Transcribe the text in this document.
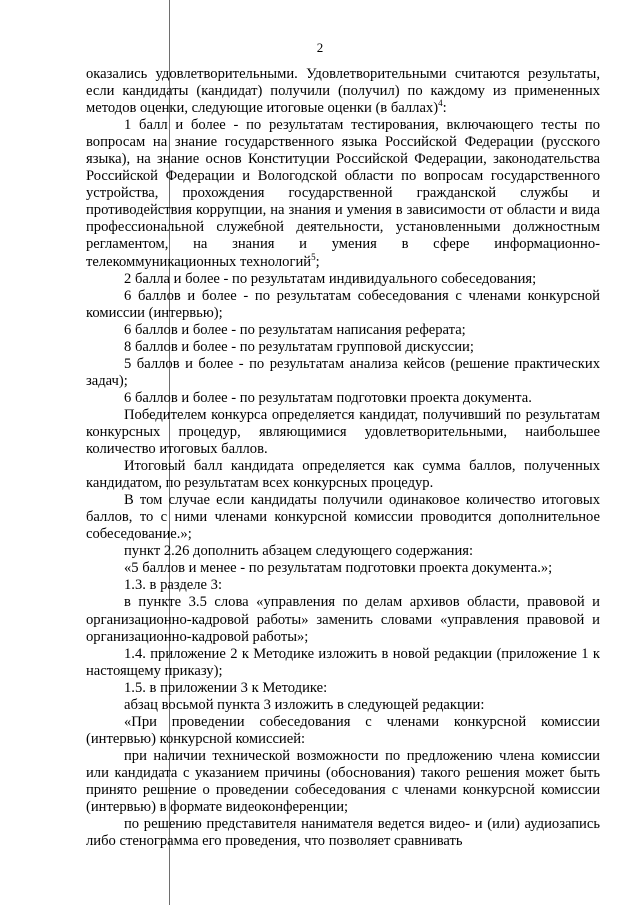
2

оказались удовлетворительными. Удовлетворительными считаются результаты, если кандидаты (кандидат) получили (получил) по каждому из примененных методов оценки, следующие итоговые оценки (в баллах)$^4$:

1 балл и более - по результатам тестирования, включающего тесты по вопросам на знание государственного языка Российской Федерации (русского языка), на знание основ Конституции Российской Федерации, законодательства Российской Федерации и Вологодской области по вопросам государственного устройства, прохождения государственной гражданской службы и противодействия коррупции, на знания и умения в зависимости от области и вида профессиональной служебной деятельности, установленными должностным регламентом, на знания и умения в сфере информационно-телекоммуникационных технологий$^5$;

2 балла и более - по результатам индивидуального собеседования;

6 баллов и более - по результатам собеседования с членами конкурсной комиссии (интервью);

6 баллов и более - по результатам написания реферата;

8 баллов и более - по результатам групповой дискуссии;

5 баллов и более - по результатам анализа кейсов (решение практических задач);

6 баллов и более - по результатам подготовки проекта документа.

Победителем конкурса определяется кандидат, получивший по результатам конкурсных процедур, являющимися удовлетворительными, наибольшее количество итоговых баллов.

Итоговый балл кандидата определяется как сумма баллов, полученных кандидатом, по результатам всех конкурсных процедур.

В том случае если кандидаты получили одинаковое количество итоговых баллов, то с ними членами конкурсной комиссии проводится дополнительное собеседование.»;

пункт 2.26 дополнить абзацем следующего содержания:

«5 баллов и менее - по результатам подготовки проекта документа.»;

1.3. в разделе 3:

в пункте 3.5 слова «управления по делам архивов области, правовой и организационно-кадровой работы» заменить словами «управления правовой и организационно-кадровой работы»;

1.4. приложение 2 к Методике изложить в новой редакции (приложение 1 к настоящему приказу);

1.5. в приложении 3 к Методике:

абзац восьмой пункта 3 изложить в следующей редакции:

«При проведении собеседования с членами конкурсной комиссии (интервью) конкурсной комиссией:

при наличии технической возможности по предложению члена комиссии или кандидата с указанием причины (обоснования) такого решения может быть принято решение о проведении собеседования с членами конкурсной комиссии (интервью) в формате видеоконференции;

по решению представителя нанимателя ведется видео- и (или) аудиозапись либо стенограмма его проведения, что позволяет сравнивать
